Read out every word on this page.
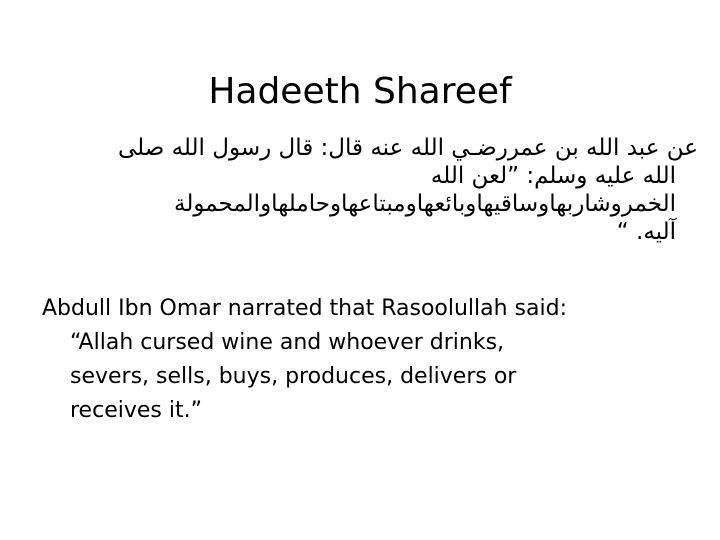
Hadeeth Shareef
عن عبد الله بن عمررضـي الله عنه قال: قال رسول الله صلى
الله عليه وسلم: ”لعن الله
الخمروشاربهاوساقيهاوبائعهاومبتاعهاوحاملهاوالمحمولة
آليه. “
Abdull Ibn Omar narrated that Rasoolullah said:
“Allah cursed wine and whoever drinks,
severs, sells, buys, produces, delivers or
receives it.”
